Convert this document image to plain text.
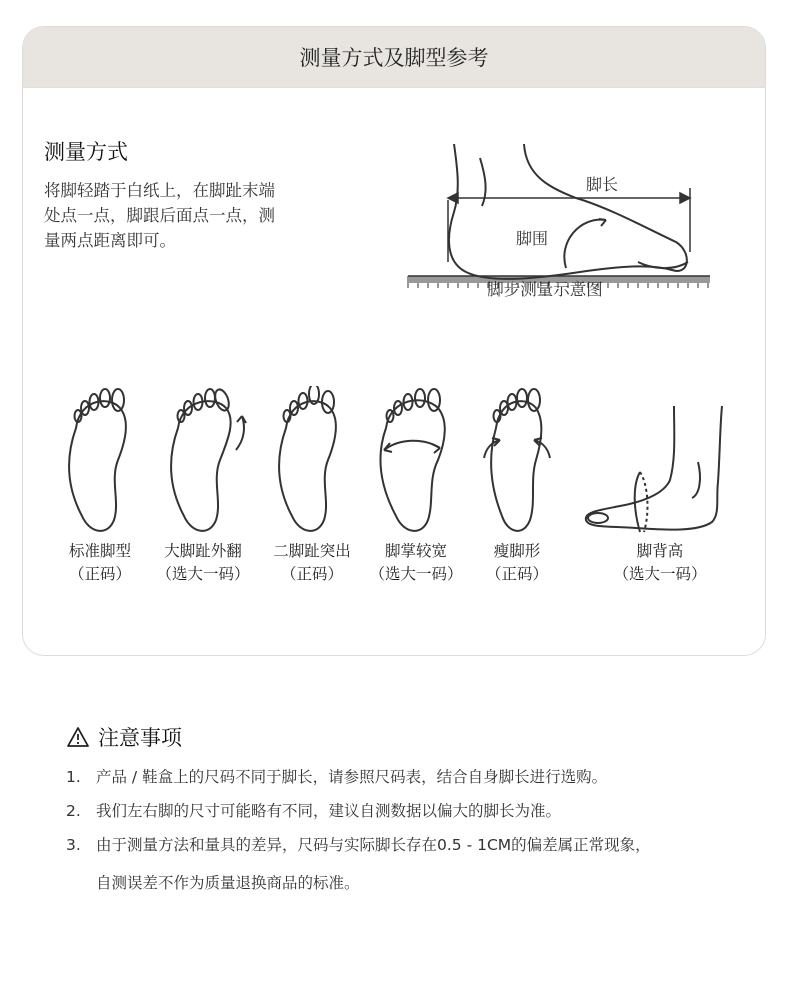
测量方式及脚型参考
测量方式
将脚轻踏于白纸上，在脚趾末端
处点一点，脚跟后面点一点，测
量两点距离即可。
脚长
脚围
脚步测量示意图
标准脚型
（正码）
大脚趾外翻
（选大一码）
二脚趾突出
（正码）
脚掌较宽
（选大一码）
瘦脚形
（正码）
脚背高
（选大一码）
注意事项
1. 产品 / 鞋盒上的尺码不同于脚长，请参照尺码表，结合自身脚长进行选购。
2. 我们左右脚的尺寸可能略有不同，建议自测数据以偏大的脚长为准。
3. 由于测量方法和量具的差异，尺码与实际脚长存在0.5 - 1CM的偏差属正常现象，
自测误差不作为质量退换商品的标准。
